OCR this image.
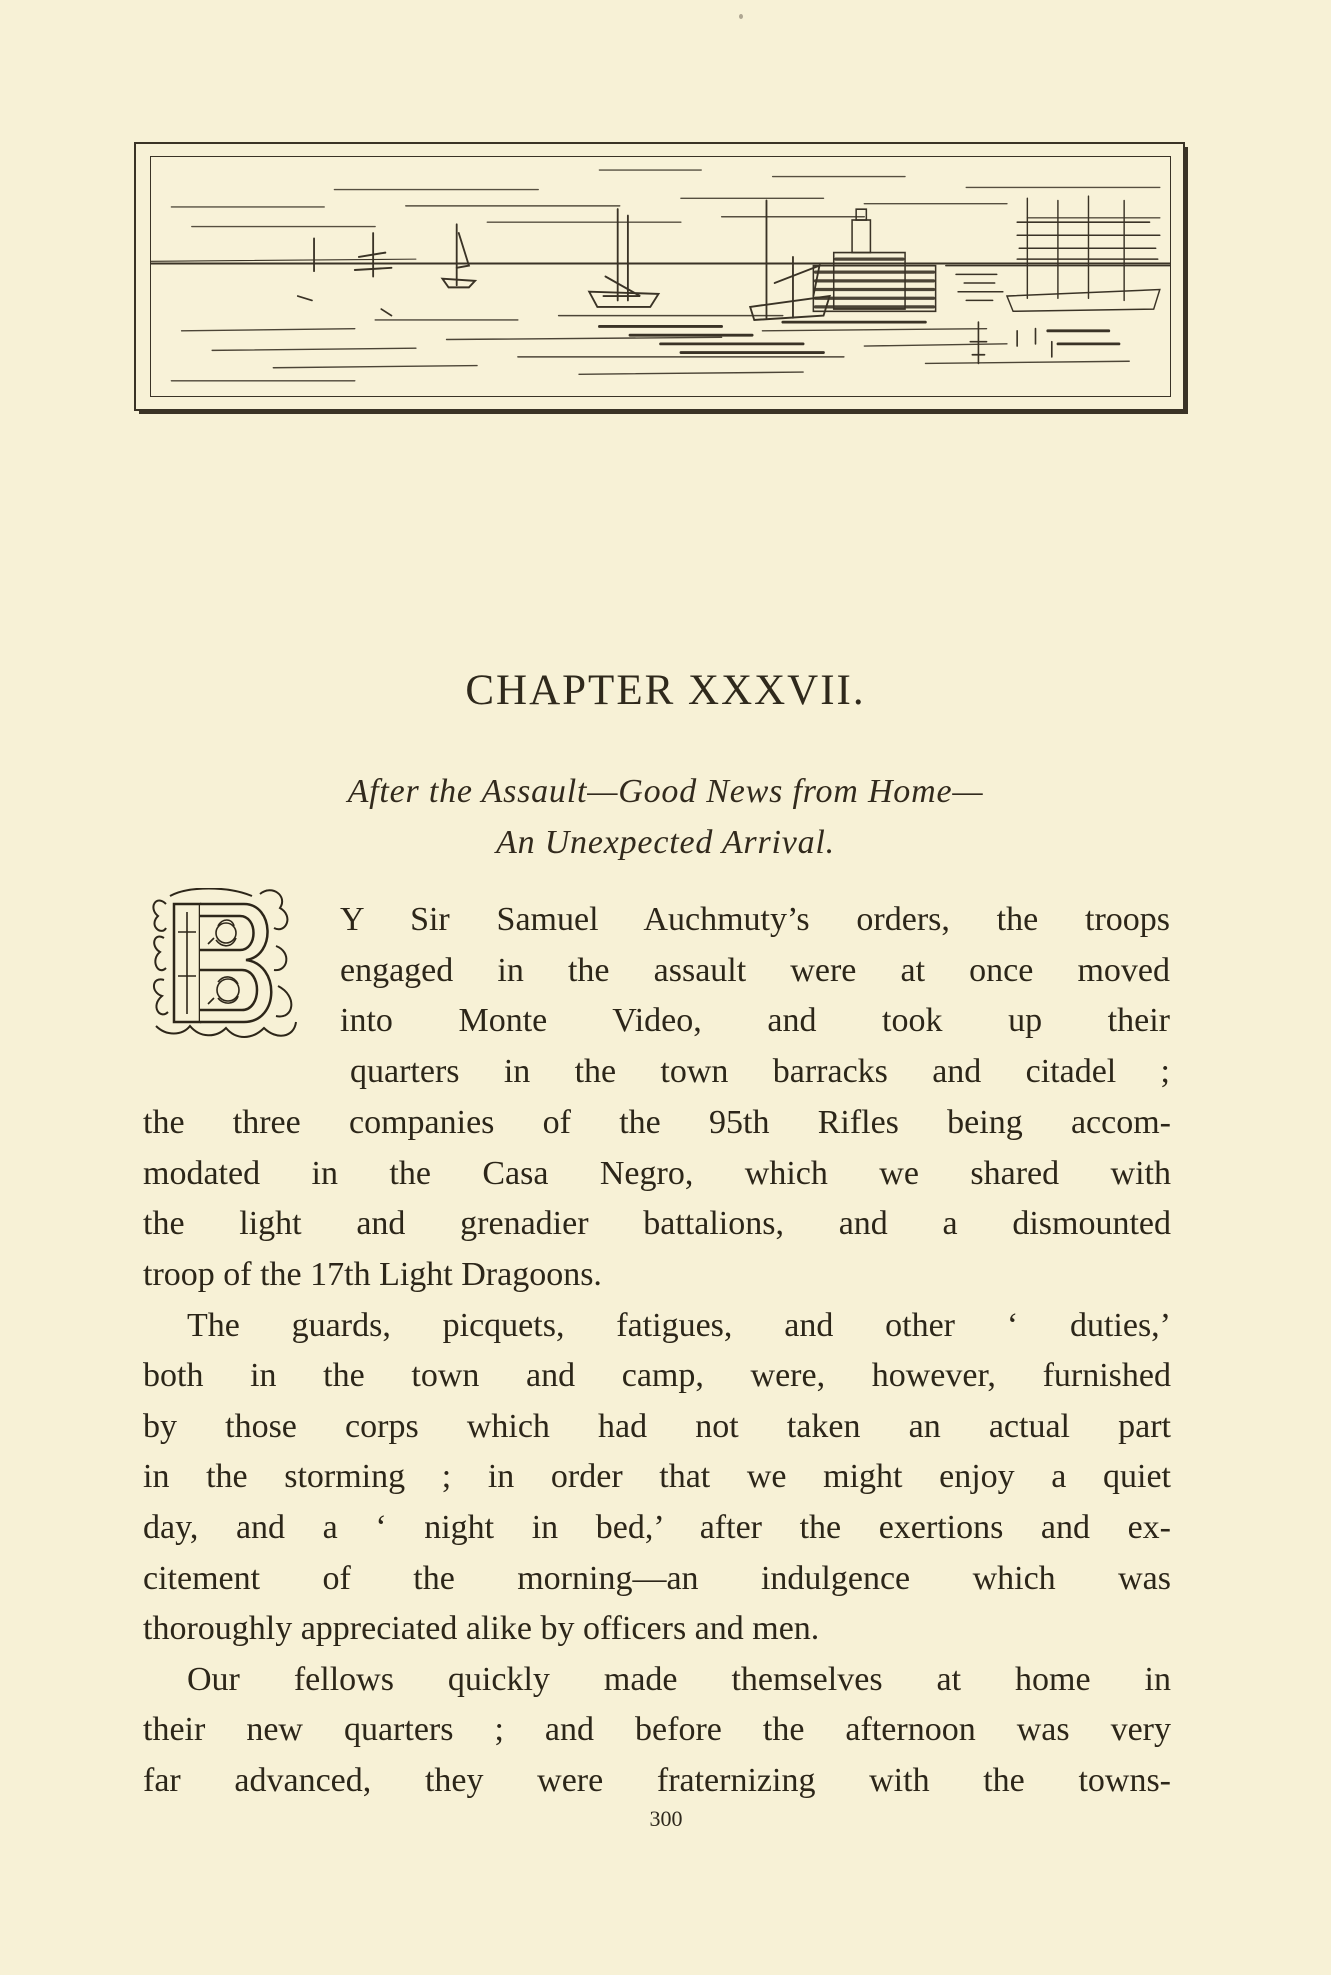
CHAPTER XXXVII.
After the Assault—Good News from Home—
An Unexpected Arrival.
B
Y Sir Samuel Auchmuty’s orders, the troops
engaged in the assault were at once moved
into Monte Video, and took up their
quarters in the town barracks and citadel ;
the three companies of the 95th Rifles being accom-
modated in the Casa Negro, which we shared with
the light and grenadier battalions, and a dismounted
troop of the 17th Light Dragoons.
The guards, picquets, fatigues, and other ‘ duties,’
both in the town and camp, were, however, furnished
by those corps which had not taken an actual part
in the storming ; in order that we might enjoy a quiet
day, and a ‘ night in bed,’ after the exertions and ex-
citement of the morning—an indulgence which was
thoroughly appreciated alike by officers and men.
Our fellows quickly made themselves at home in
their new quarters ; and before the afternoon was very
far advanced, they were fraternizing with the towns-
300
